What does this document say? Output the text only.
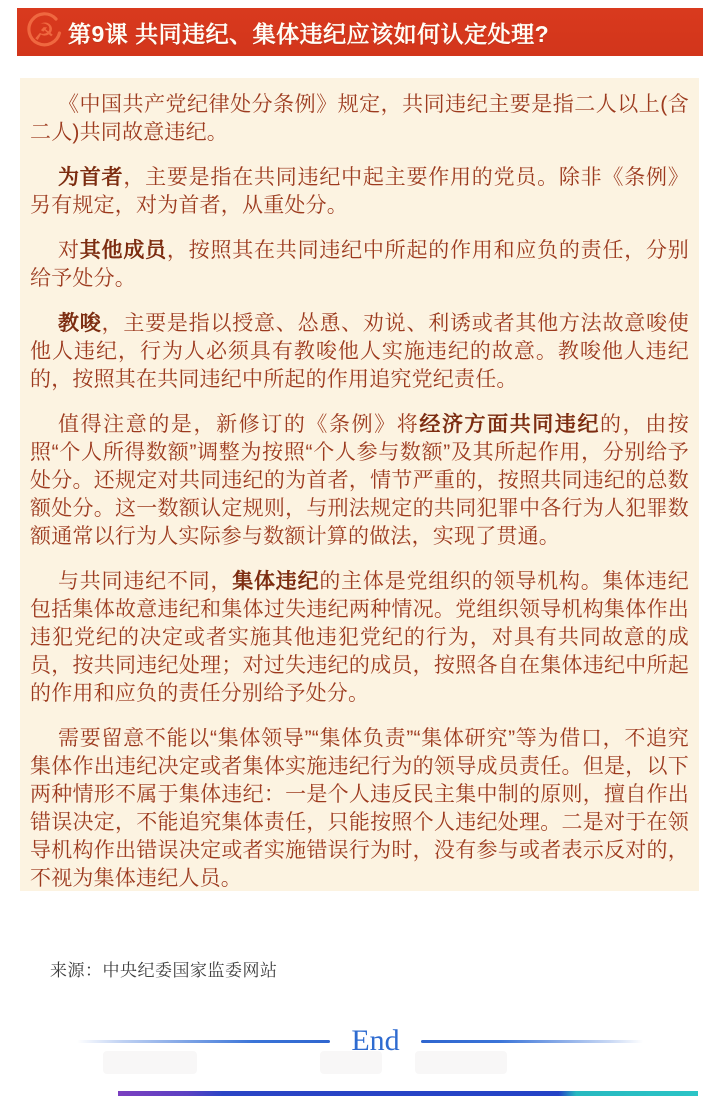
☭ 第9课 共同违纪、集体违纪应该如何认定处理?

《中国共产党纪律处分条例》规定，共同违纪主要是指二人以上(含二人)共同故意违纪。

为首者，主要是指在共同违纪中起主要作用的党员。除非《条例》另有规定，对为首者，从重处分。

对其他成员，按照其在共同违纪中所起的作用和应负的责任，分别给予处分。

教唆，主要是指以授意、怂恿、劝说、利诱或者其他方法故意唆使他人违纪，行为人必须具有教唆他人实施违纪的故意。教唆他人违纪的，按照其在共同违纪中所起的作用追究党纪责任。

值得注意的是，新修订的《条例》将经济方面共同违纪的，由按照“个人所得数额”调整为按照“个人参与数额”及其所起作用，分别给予处分。还规定对共同违纪的为首者，情节严重的，按照共同违纪的总数额处分。这一数额认定规则，与刑法规定的共同犯罪中各行为人犯罪数额通常以行为人实际参与数额计算的做法，实现了贯通。

与共同违纪不同，集体违纪的主体是党组织的领导机构。集体违纪包括集体故意违纪和集体过失违纪两种情况。党组织领导机构集体作出违犯党纪的决定或者实施其他违犯党纪的行为，对具有共同故意的成员，按共同违纪处理；对过失违纪的成员，按照各自在集体违纪中所起的作用和应负的责任分别给予处分。

需要留意不能以“集体领导”“集体负责”“集体研究”等为借口，不追究集体作出违纪决定或者集体实施违纪行为的领导成员责任。但是，以下两种情形不属于集体违纪：一是个人违反民主集中制的原则，擅自作出错误决定，不能追究集体责任，只能按照个人违纪处理。二是对于在领导机构作出错误决定或者实施错误行为时，没有参与或者表示反对的，不视为集体违纪人员。

来源：中央纪委国家监委网站
End
